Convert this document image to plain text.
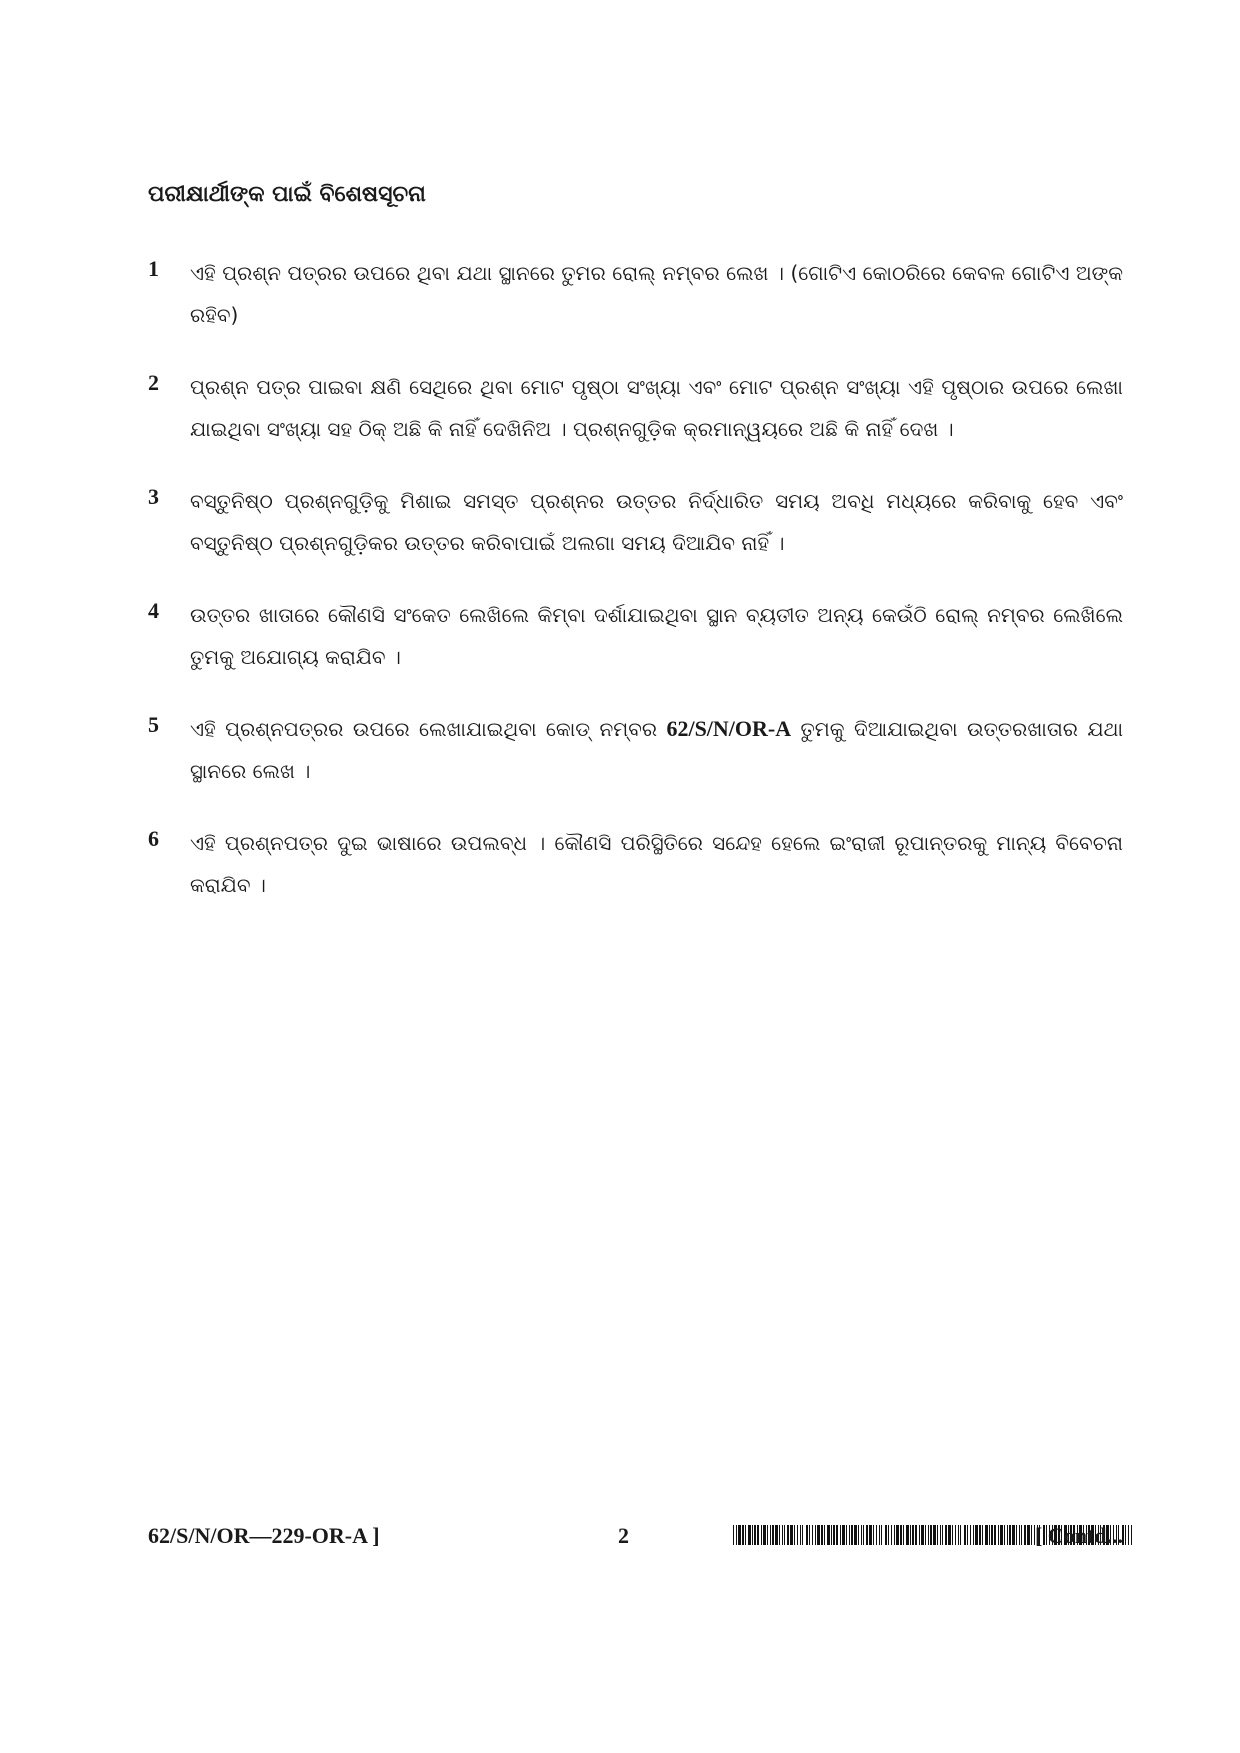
ପରୀକ୍ଷାର୍ଥୀଙ୍କ ପାଇଁ ବିଶେଷସୂଚନା
1 ଏହି ପ୍ରଶ୍ନ ପତ୍ରର ଉପରେ ଥିବା ଯଥା ସ୍ଥାନରେ ତୁମର ରୋଲ୍ ନମ୍ବର ଲେଖ । (ଗୋଟିଏ କୋଠରିରେ କେବଳ ଗୋଟିଏ ଅଙ୍କ ରହିବ)
2 ପ୍ରଶ୍ନ ପତ୍ର ପାଇବା କ୍ଷଣି ସେଥିରେ ଥିବା ମୋଟ ପୃଷ୍ଠା ସଂଖ୍ୟା ଏବଂ ମୋଟ ପ୍ରଶ୍ନ ସଂଖ୍ୟା ଏହି ପୃଷ୍ଠାର ଉପରେ ଲେଖା ଯାଇଥିବା ସଂଖ୍ୟା ସହ ଠିକ୍ ଅଛି କି ନାହିଁ ଦେଖିନିଅ । ପ୍ରଶ୍ନଗୁଡ଼ିକ କ୍ରମାନ୍ୱୟରେ ଅଛି କି ନାହିଁ ଦେଖ ।
3 ବସ୍ତୁନିଷ୍ଠ ପ୍ରଶ୍ନଗୁଡ଼ିକୁ ମିଶାଇ ସମସ୍ତ ପ୍ରଶ୍ନର ଉତ୍ତର ନିର୍ଦ୍ଧାରିତ ସମୟ ଅବଧି ମଧ୍ୟରେ କରିବାକୁ ହେବ ଏବଂ ବସ୍ତୁନିଷ୍ଠ ପ୍ରଶ୍ନଗୁଡ଼ିକର ଉତ୍ତର କରିବାପାଇଁ ଅଲଗା ସମୟ ଦିଆଯିବ ନାହିଁ ।
4 ଉତ୍ତର ଖାତାରେ କୌଣସି ସଂକେତ ଲେଖିଲେ କିମ୍ବା ଦର୍ଶାଯାଇଥିବା ସ୍ଥାନ ବ୍ୟତୀତ ଅନ୍ୟ କେଉଁଠି ରୋଲ୍ ନମ୍ବର ଲେଖିଲେ ତୁମକୁ ଅଯୋଗ୍ୟ କରାଯିବ ।
5 ଏହି ପ୍ରଶ୍ନପତ୍ରର ଉପରେ ଲେଖାଯାଇଥିବା କୋଡ୍ ନମ୍ବର 62/S/N/OR-A ତୁମକୁ ଦିଆଯାଇଥିବା ଉତ୍ତରଖାତାର ଯଥା ସ୍ଥାନରେ ଲେଖ ।
6 ଏହି ପ୍ରଶ୍ନପତ୍ର ଦୁଇ ଭାଷାରେ ଉପଲବ୍ଧ । କୌଣସି ପରିସ୍ଥିତିରେ ସନ୍ଦେହ ହେଲେ ଇଂରାଜୀ ରୂପାନ୍ତରକୁ ମାନ୍ୟ ବିବେଚନା କରାଯିବ ।
62/S/N/OR—229-OR-A ]	2	[ Contd...
